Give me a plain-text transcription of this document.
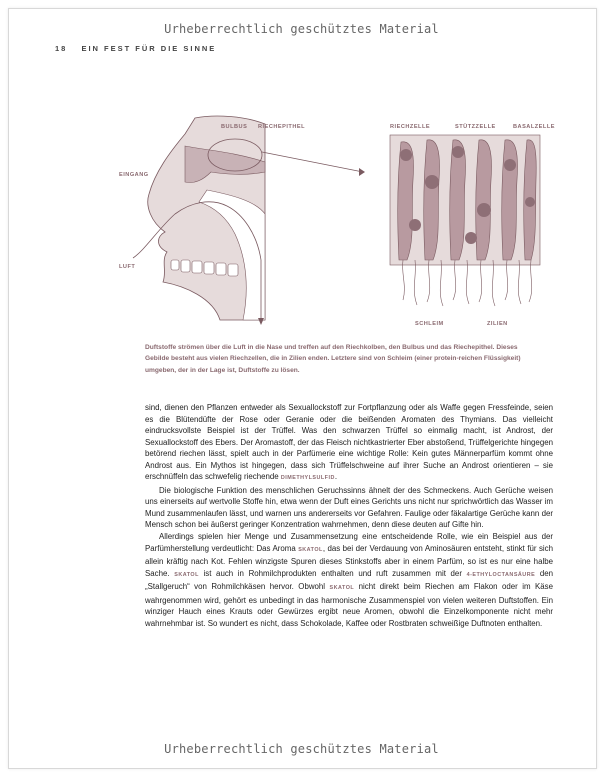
Urheberrechtlich geschütztes Material
18 EIN FEST FÜR DIE SINNE
BULBUS RIECHEPITHEL
EINGANG
LUFT
RIECHZELLE	STÜTZZELLE	BASALZELLE
SCHLEIM	ZILIEN

Duftstoffe strömen über die Luft in die Nase und treffen auf den Riechkolben, den Bulbus und das Riechepithel. Dieses

Gebilde besteht aus vielen Riechzellen, die in Zilien enden. Letztere sind von Schleim (einer protein-reichen Flüssigkeit)

umgeben, der in der Lage ist, Duftstoffe zu lösen.

sind, dienen den Pflanzen entweder als Sexuallockstoff zur Fortpflanzung oder als Waffe gegen Fressfeinde, seien es die Blütendüfte der Rose oder Geranie oder die beißenden Aromaten des Thymians. Das vielleicht eindrucksvollste Beispiel ist der Trüffel. Was den schwarzen Trüffel so einmalig macht, ist Androst, der Sexuallockstoff des Ebers. Der Aromastoff, der das Fleisch nichtkastrierter Eber abstoßend, Trüffelgerichte hingegen betörend riechen lässt, spielt auch in der Parfümerie eine wichtige Rolle: Kein gutes Männerparfüm kommt ohne Androst aus. Ein Mythos ist hingegen, dass sich Trüffelschweine auf ihrer Suche an Androst orientieren – sie erschnüffeln das schwefelig riechende DIMETHYLSULFID.

Die biologische Funktion des menschlichen Geruchssinns ähnelt der des Schmeckens. Auch Gerüche weisen uns einerseits auf wertvolle Stoffe hin, etwa wenn der Duft eines Gerichts uns nicht nur sprichwörtlich das Wasser im Mund zusammenlaufen lässt, und warnen uns andererseits vor Gefahren. Faulige oder fäkalartige Gerüche kann der Mensch schon bei äußerst geringer Konzentration wahrnehmen, denn diese deuten auf Gifte hin.

Allerdings spielen hier Menge und Zusammensetzung eine entscheidende Rolle, wie ein Beispiel aus der Parfümherstellung verdeutlicht: Das Aroma SKATOL, das bei der Verdauung von Aminosäuren entsteht, stinkt für sich allein kräftig nach Kot. Fehlen winzigste Spuren dieses Stinkstoffs aber in einem Parfüm, so ist es nur eine halbe Sache. SKATOL ist auch in Rohmilchprodukten enthalten und ruft zusammen mit der 4-ETHYLOCTANSÄURE den „Stallgeruch“ von Rohmilchkäsen hervor. Obwohl SKATOL nicht direkt beim Riechen am Flakon oder im Käse wahrgenommen wird, gehört es unbedingt in das harmonische Zusammenspiel von vielen weiteren Duftstoffen. Ein winziger Hauch eines Krauts oder Gewürzes ergibt neue Aromen, obwohl die Einzelkomponente nicht mehr wahrnehmbar ist. So wundert es nicht, dass Schokolade, Kaffee oder Rostbraten schweißige Duftnoten enthalten.

Urheberrechtlich geschütztes Material
